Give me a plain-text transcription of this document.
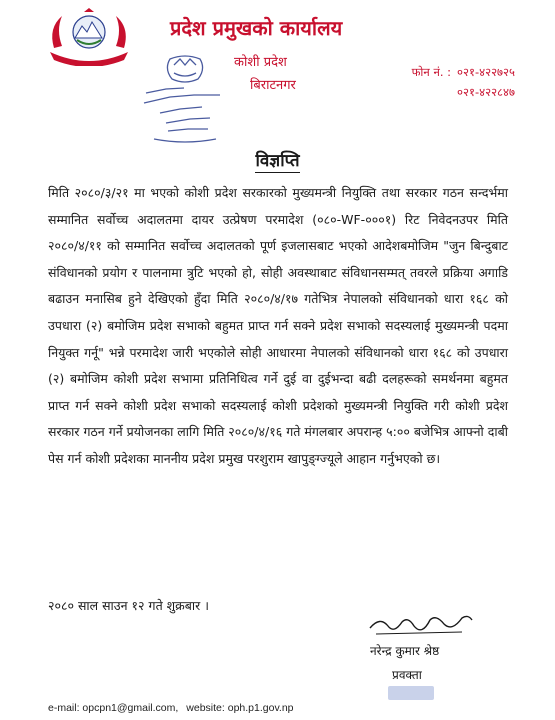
प्रदेश प्रमुखको कार्यालय
कोशी प्रदेश
बिराटनगर
फोन नं. : ०२१-४२२७२५
०२१-४२२८४७
विज्ञप्ति
मिति २०८०/३/२१ मा भएको कोशी प्रदेश सरकारको मुख्यमन्त्री नियुक्ति तथा सरकार गठन सन्दर्भमा सम्मानित सर्वोच्च अदालतमा दायर उत्प्रेषण परमादेश (०८०-WF-०००१) रिट निवेदनउपर मिति २०८०/४/११ को सम्मानित सर्वोच्च अदालतको पूर्ण इजलासबाट भएको आदेशबमोजिम "जुन बिन्दुबाट संविधानको प्रयोग र पालनामा त्रुटि भएको हो, सोही अवस्थाबाट संविधानसम्मत् तवरले प्रक्रिया अगाडि बढाउन मनासिब हुने देखिएको हुँदा मिति २०८०/४/१७ गतेभित्र नेपालको संविधानको धारा १६८ को उपधारा (२) बमोजिम प्रदेश सभाको बहुमत प्राप्त गर्न सक्ने प्रदेश सभाको सदस्यलाई मुख्यमन्त्री पदमा नियुक्त गर्नू" भन्ने परमादेश जारी भएकोले सोही आधारमा नेपालको संविधानको धारा १६८ को उपधारा (२) बमोजिम कोशी प्रदेश सभामा प्रतिनिधित्व गर्ने दुई वा दुईभन्दा बढी दलहरूको समर्थनमा बहुमत प्राप्त गर्न सक्ने कोशी प्रदेश सभाको सदस्यलाई कोशी प्रदेशको मुख्यमन्त्री नियुक्ति गरी कोशी प्रदेश सरकार गठन गर्ने प्रयोजनका लागि मिति २०८०/४/१६ गते मंगलबार अपरान्ह ५:०० बजेभित्र आफ्नो दाबी पेस गर्न कोशी प्रदेशका माननीय प्रदेश प्रमुख परशुराम खापुङ्ग्ज्यूले आहान गर्नुभएको छ।
२०८० साल साउन १२ गते शुक्रबार ।
नरेन्द्र कुमार श्रेष्ठ
प्रवक्ता
e-mail: opcpn1@gmail.com, website: oph.p1.gov.np
